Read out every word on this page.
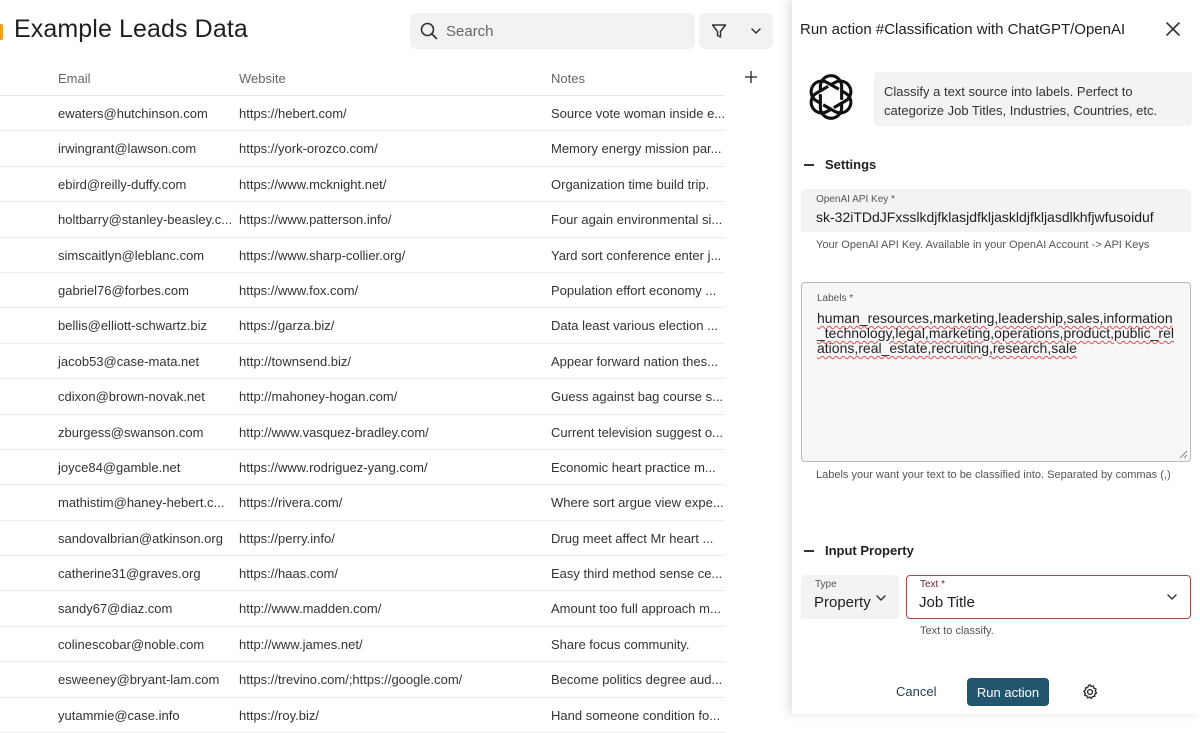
Example Leads Data
Search
Email	Website	Notes
ewaters@hutchinson.com	https://hebert.com/	Source vote woman inside e...
irwingrant@lawson.com	https://york-orozco.com/	Memory energy mission par...
ebird@reilly-duffy.com	https://www.mcknight.net/	Organization time build trip.
holtbarry@stanley-beasley.c... https://www.patterson.info/	Four again environmental si...
simscaitlyn@leblanc.com	https://www.sharp-collier.org/	Yard sort conference enter j...
gabriel76@forbes.com	https://www.fox.com/	Population effort economy ...
bellis@elliott-schwartz.biz	https://garza.biz/	Data least various election ...
jacob53@case-mata.net	http://townsend.biz/	Appear forward nation thes...
cdixon@brown-novak.net	http://mahoney-hogan.com/	Guess against bag course s...
zburgess@swanson.com	http://www.vasquez-bradley.com/	Current television suggest o...
joyce84@gamble.net	https://www.rodriguez-yang.com/	Economic heart practice m...
mathistim@haney-hebert.c... https://rivera.com/	Where sort argue view expe...
sandovalbrian@atkinson.org	https://perry.info/	Drug meet affect Mr heart ...
catherine31@graves.org	https://haas.com/	Easy third method sense ce...
sandy67@diaz.com	http://www.madden.com/	Amount too full approach m...
colinescobar@noble.com	http://www.james.net/	Share focus community.
esweeney@bryant-lam.com	https://trevino.com/;https://google.com/	Become politics degree aud...
yutammie@case.info	https://roy.biz/	Hand someone condition fo...
Run action #Classification with ChatGPT/OpenAI
Classify a text source into labels. Perfect to categorize Job Titles, Industries, Countries, etc.
Settings
OpenAI API Key *
sk-32iTDdJFxsslkdjfklasjdfkljaskldjfkljasdlkhfjwfusoiduf
Your OpenAI API Key. Available in your OpenAI Account -> API Keys
Labels *
human_resources,marketing,leadership,sales,information_technology,legal,marketing,operations,product,public_relations,real_estate,recruiting,research,sale
Labels your want your text to be classified into. Separated by commas (,)
Input Property
Type
Property
Text *
Job Title
Text to classify.
Cancel	Run action
